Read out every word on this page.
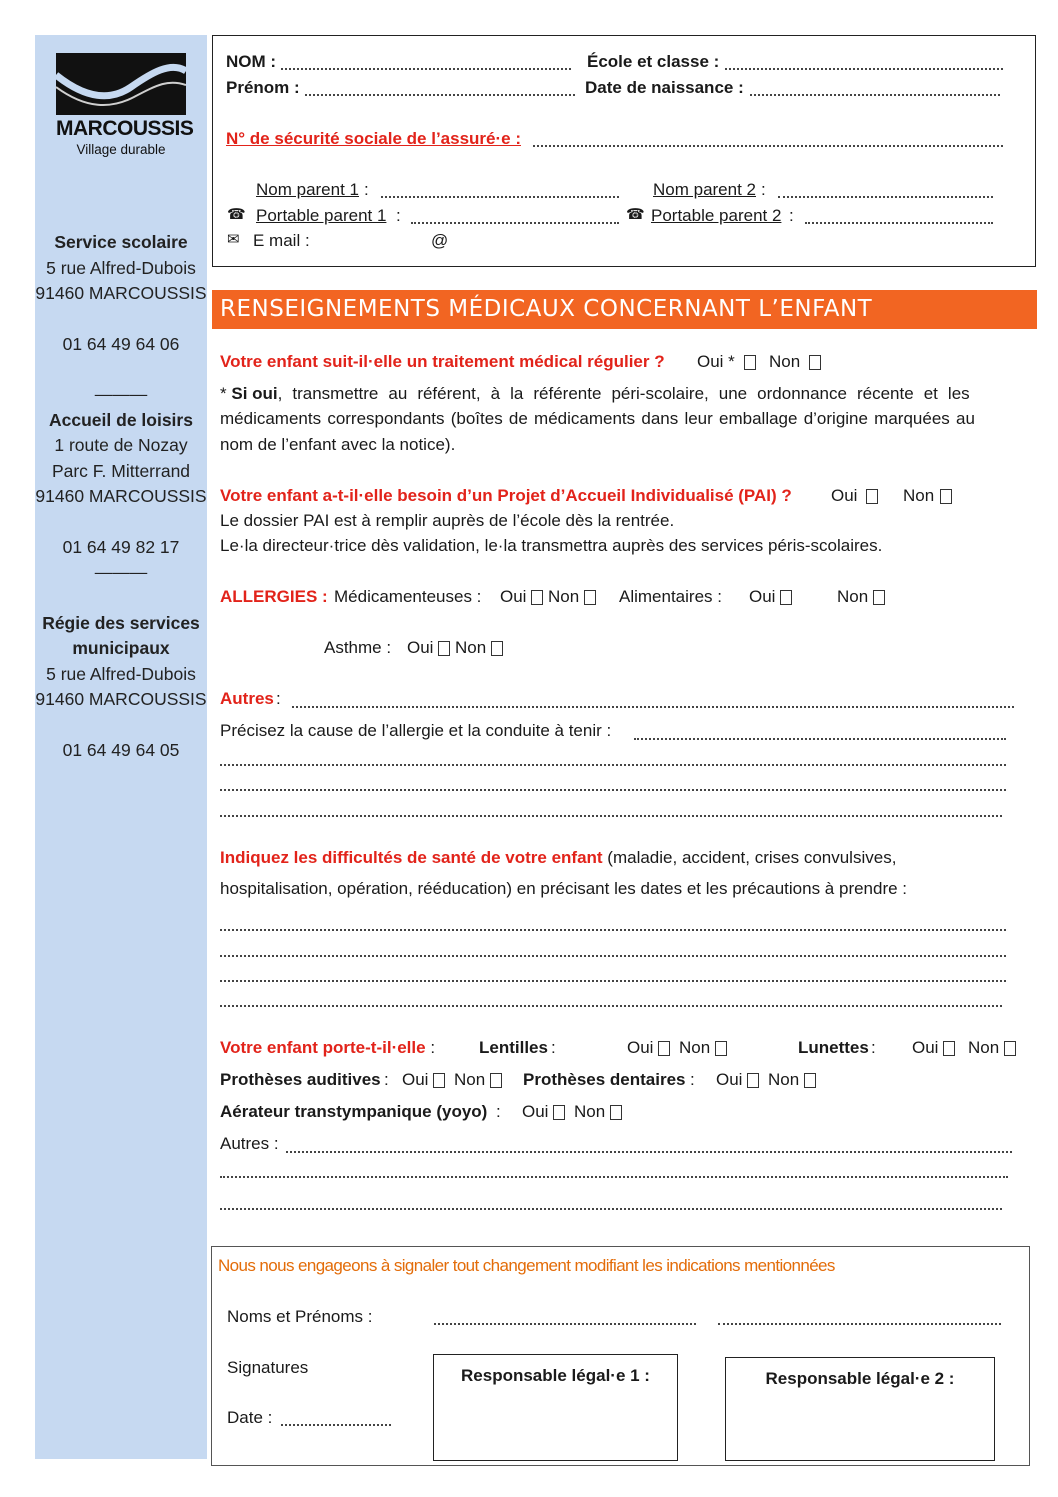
MARCOUSSIS
Village durable
Service scolaire
5 rue Alfred-Dubois
91460 MARCOUSSIS
01 64 49 64 06
———
Accueil de loisirs
1 route de Nozay
Parc F. Mitterrand
91460 MARCOUSSIS
01 64 49 82 17
———
Régie des services
municipaux
5 rue Alfred-Dubois
91460 MARCOUSSIS
01 64 49 64 05
NOM :	École et classe :
Prénom :	Date de naissance :
N° de sécurité sociale de l’assuré·e :
Nom parent 1 :	Nom parent 2 :
☎ Portable parent 1 :	☎ Portable parent 2 :
✉ E mail :	@
RENSEIGNEMENTS MÉDICAUX CONCERNANT L’ENFANT
Votre enfant suit-il·elle un traitement médical régulier ? Oui * Non
* Si oui, transmettre au référent, à la référente péri-scolaire, une ordonnance récente et les
médicaments correspondants (boîtes de médicaments dans leur emballage d’origine marquées au
nom de l’enfant avec la notice).
Votre enfant a-t-il·elle besoin d’un Projet d’Accueil Individualisé (PAI) ? Oui	Non
Le dossier PAI est à remplir auprès de l’école dès la rentrée.
Le·la directeur·trice dès validation, le·la transmettra auprès des services péris-scolaires.
ALLERGIES : Médicamenteuses : Oui Non Alimentaires : Oui	Non
Asthme : Oui Non
Autres :
Précisez la cause de l’allergie et la conduite à tenir :
Indiquez les difficultés de santé de votre enfant (maladie, accident, crises convulsives,
hospitalisation, opération, rééducation) en précisant les dates et les précautions à prendre :
Votre enfant porte-t-il·elle :	Lentilles :	Oui Non	Lunettes : Oui Non
Prothèses auditives : Oui Non Prothèses dentaires : Oui Non
Aérateur transtympanique (yoyo) : Oui Non
Autres :
Nous nous engageons à signaler tout changement modifiant les indications mentionnées
Noms et Prénoms :
Signatures
Date :
Responsable légal·e 1 :	Responsable légal·e 2 :
